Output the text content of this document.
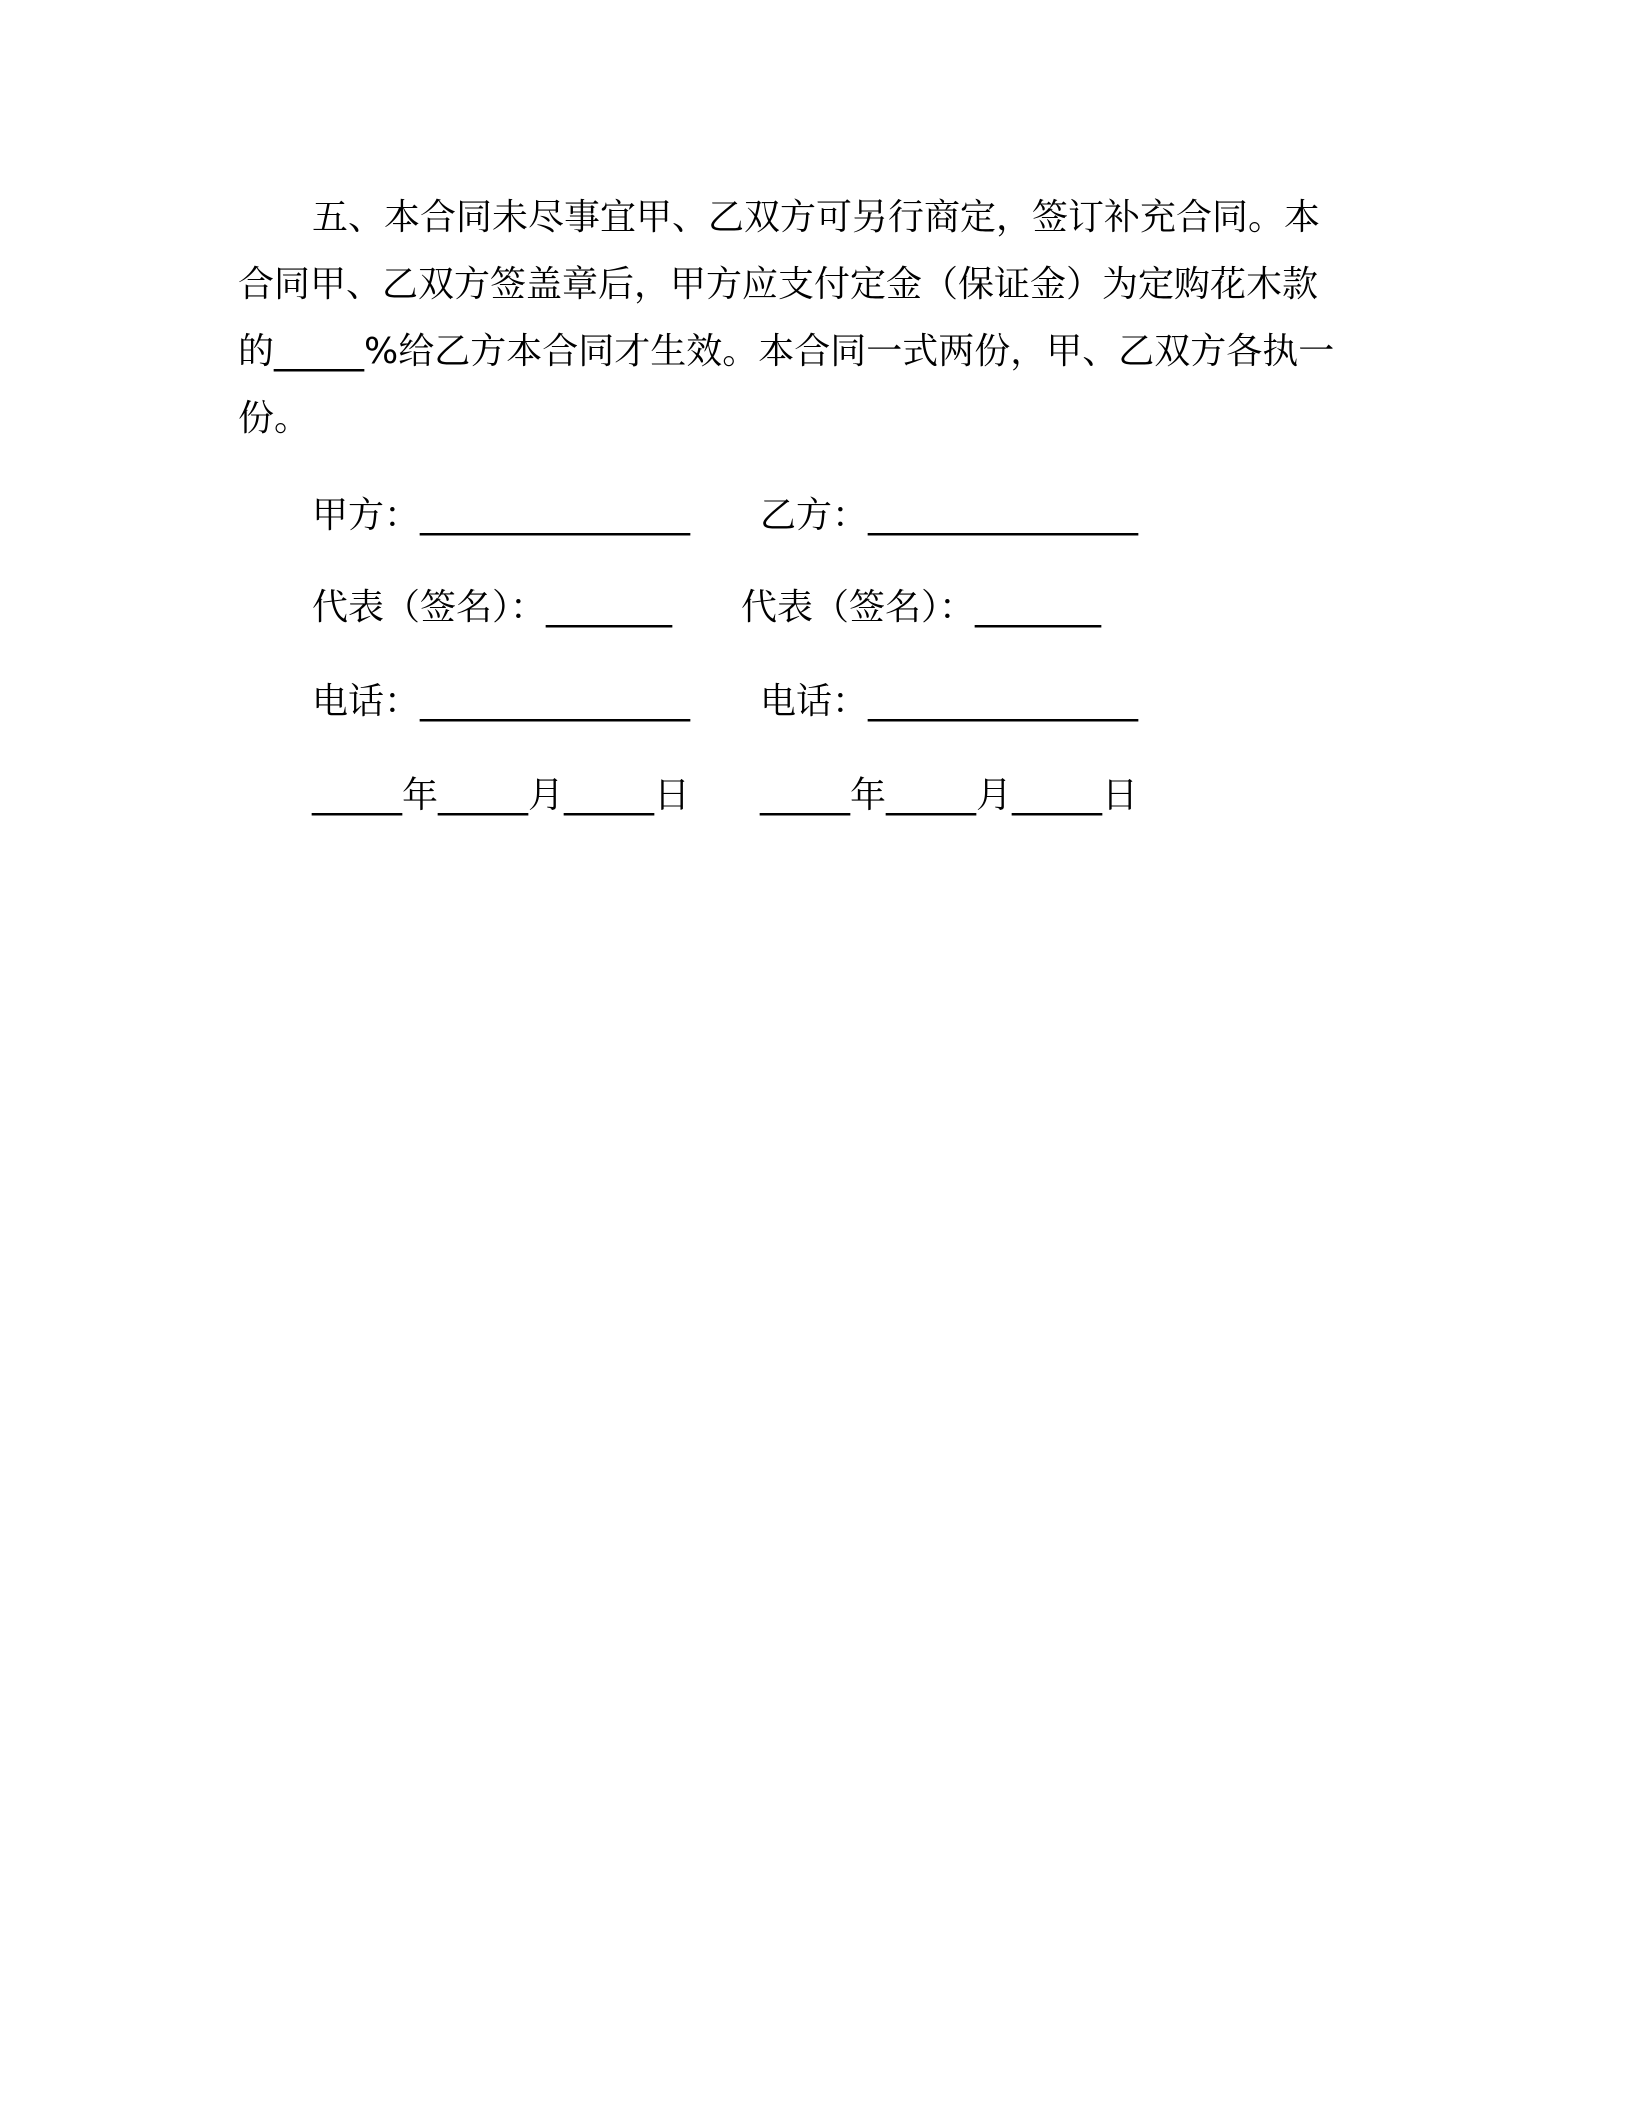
五、本合同未尽事宜甲、乙双方可另行商定，签订补充合同。本
合同甲、乙双方签盖章后，甲方应支付定金（保证金）为定购花木款
的_____%给乙方本合同才生效。本合同一式两份，甲、乙双方各执一
份。
甲方：_______________ 乙方：_______________
代表（签名）：_______ 代表（签名）：_______
电话：_______________ 电话：_______________
_____年_____月_____日 _____年_____月_____日
